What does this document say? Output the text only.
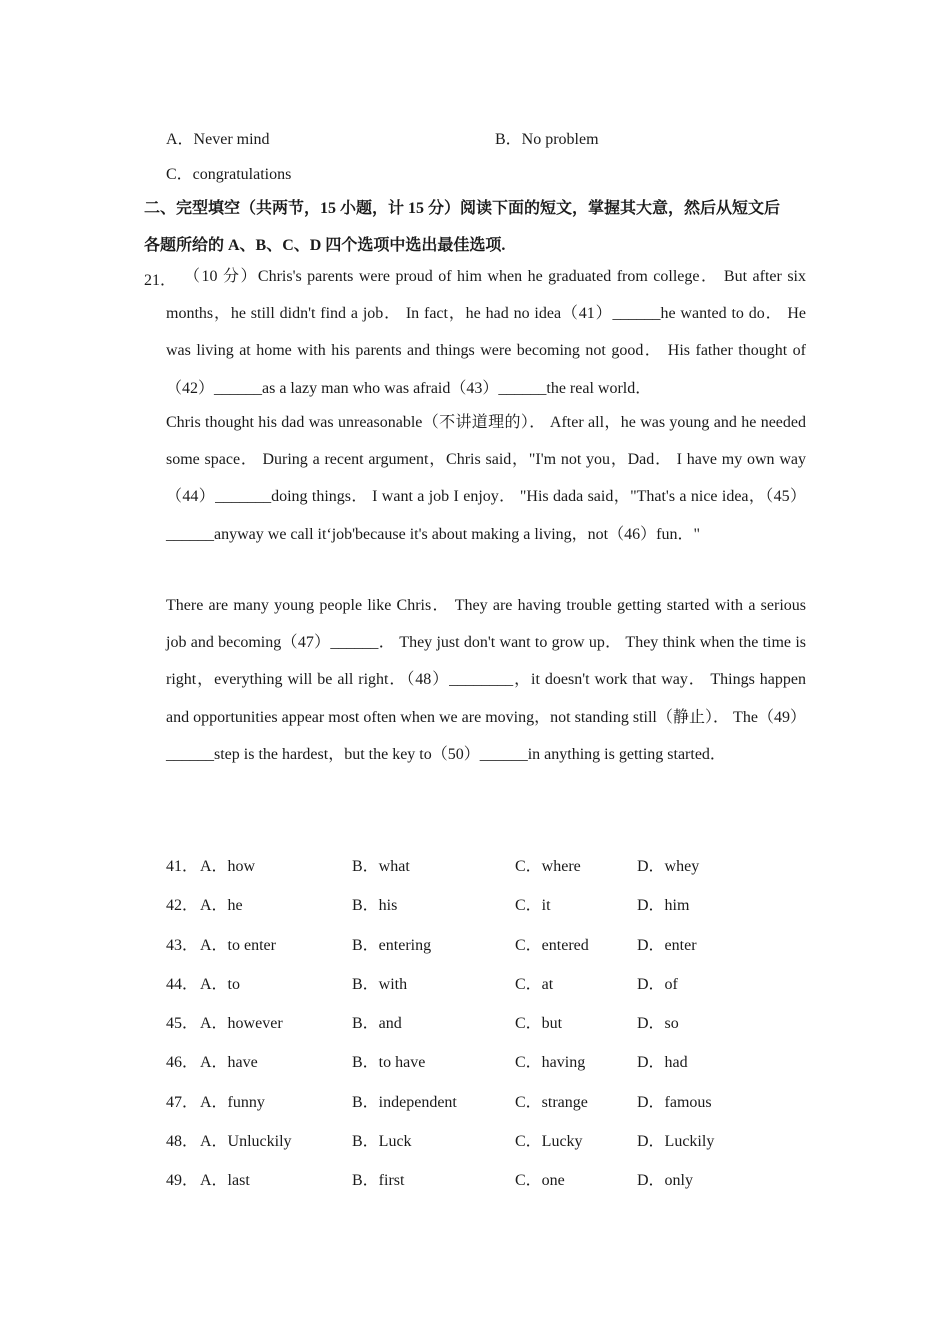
A．Never mind	B．No problem
C．congratulations
二、完型填空（共两节，15 小题，计 15 分）阅读下面的短文，掌握其大意，然后从短文后
各题所给的 A、B、C、D 四个选项中选出最佳选项.
21． （10 分）Chris's parents were proud of him when he graduated from college． But after six months，he still didn't find a job． In fact，he had no idea（41）______he wanted to do． He was living at home with his parents and things were becoming not good． His father thought of（42）______as a lazy man who was afraid（43）______the real world．
Chris thought his dad was unreasonable（不讲道理的）． After all，he was young and he needed some space． During a recent argument，Chris said，"I'm not you，Dad． I have my own way（44）_______doing things． I want a job I enjoy． "His dada said，"That's a nice idea，（45）______anyway we call it‘job'because it's about making a living，not（46）fun．"
There are many young people like Chris． They are having trouble getting started with a serious job and becoming（47）______． They just don't want to grow up． They think when the time is right，everything will be all right．（48）________，it doesn't work that way． Things happen and opportunities appear most often when we are moving，not standing still（静止）． The（49）______step is the hardest，but the key to（50）______in anything is getting started．
41． A．how	B．what	C．where	D．whey
42． A．he	B．his	C．it	D．him
43． A．to enter	B．entering	C．entered	D．enter
44． A．to	B．with	C．at	D．of
45． A．however	B．and	C．but	D．so
46． A．have	B．to have	C．having	D．had
47． A．funny	B．independent	C．strange	D．famous
48． A．Unluckily	B．Luck	C．Lucky	D．Luckily
49． A．last	B．first	C．one	D．only
